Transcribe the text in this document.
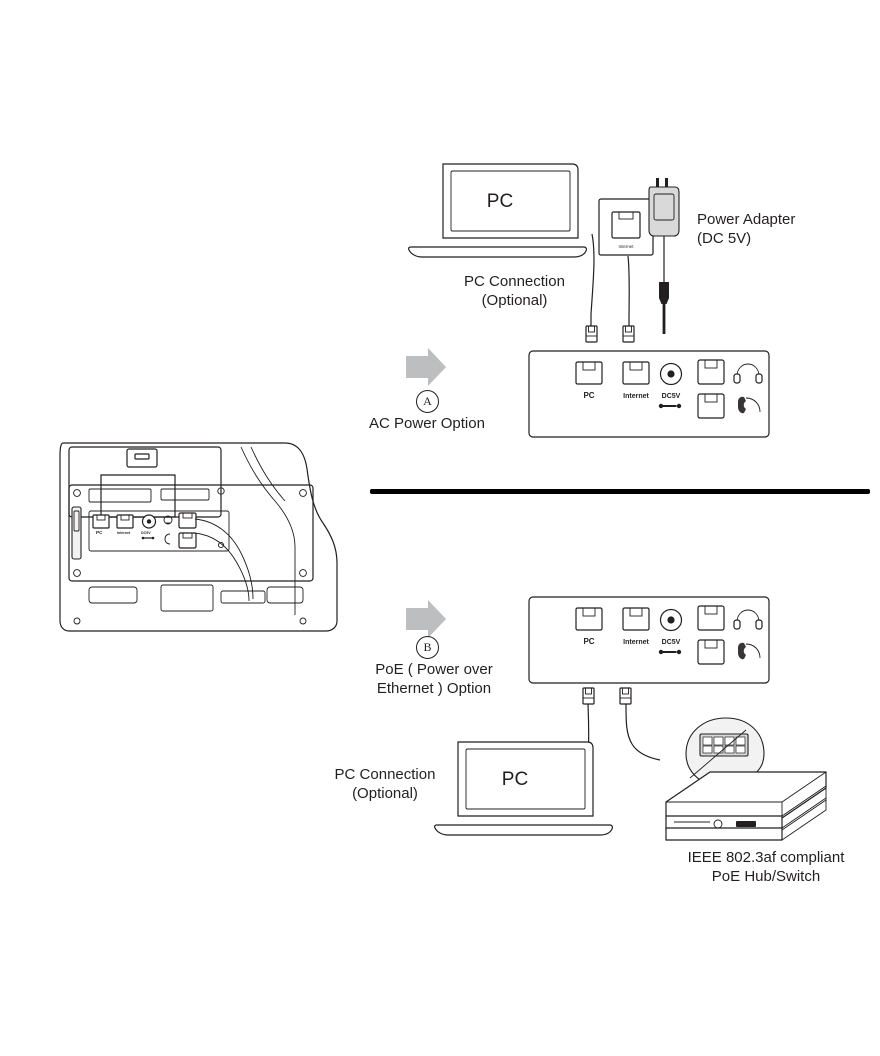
PC	Internet	DC5V
PC
PC Connection
(Optional)
Internet
Power Adapter
(DC 5V)
PC	Internet DC5V
A
AC Power Option
B
PoE ( Power over
Ethernet ) Option
PC	Internet DC5V
PC
PC Connection
(Optional)
IEEE 802.3af compliant
PoE Hub/Switch
